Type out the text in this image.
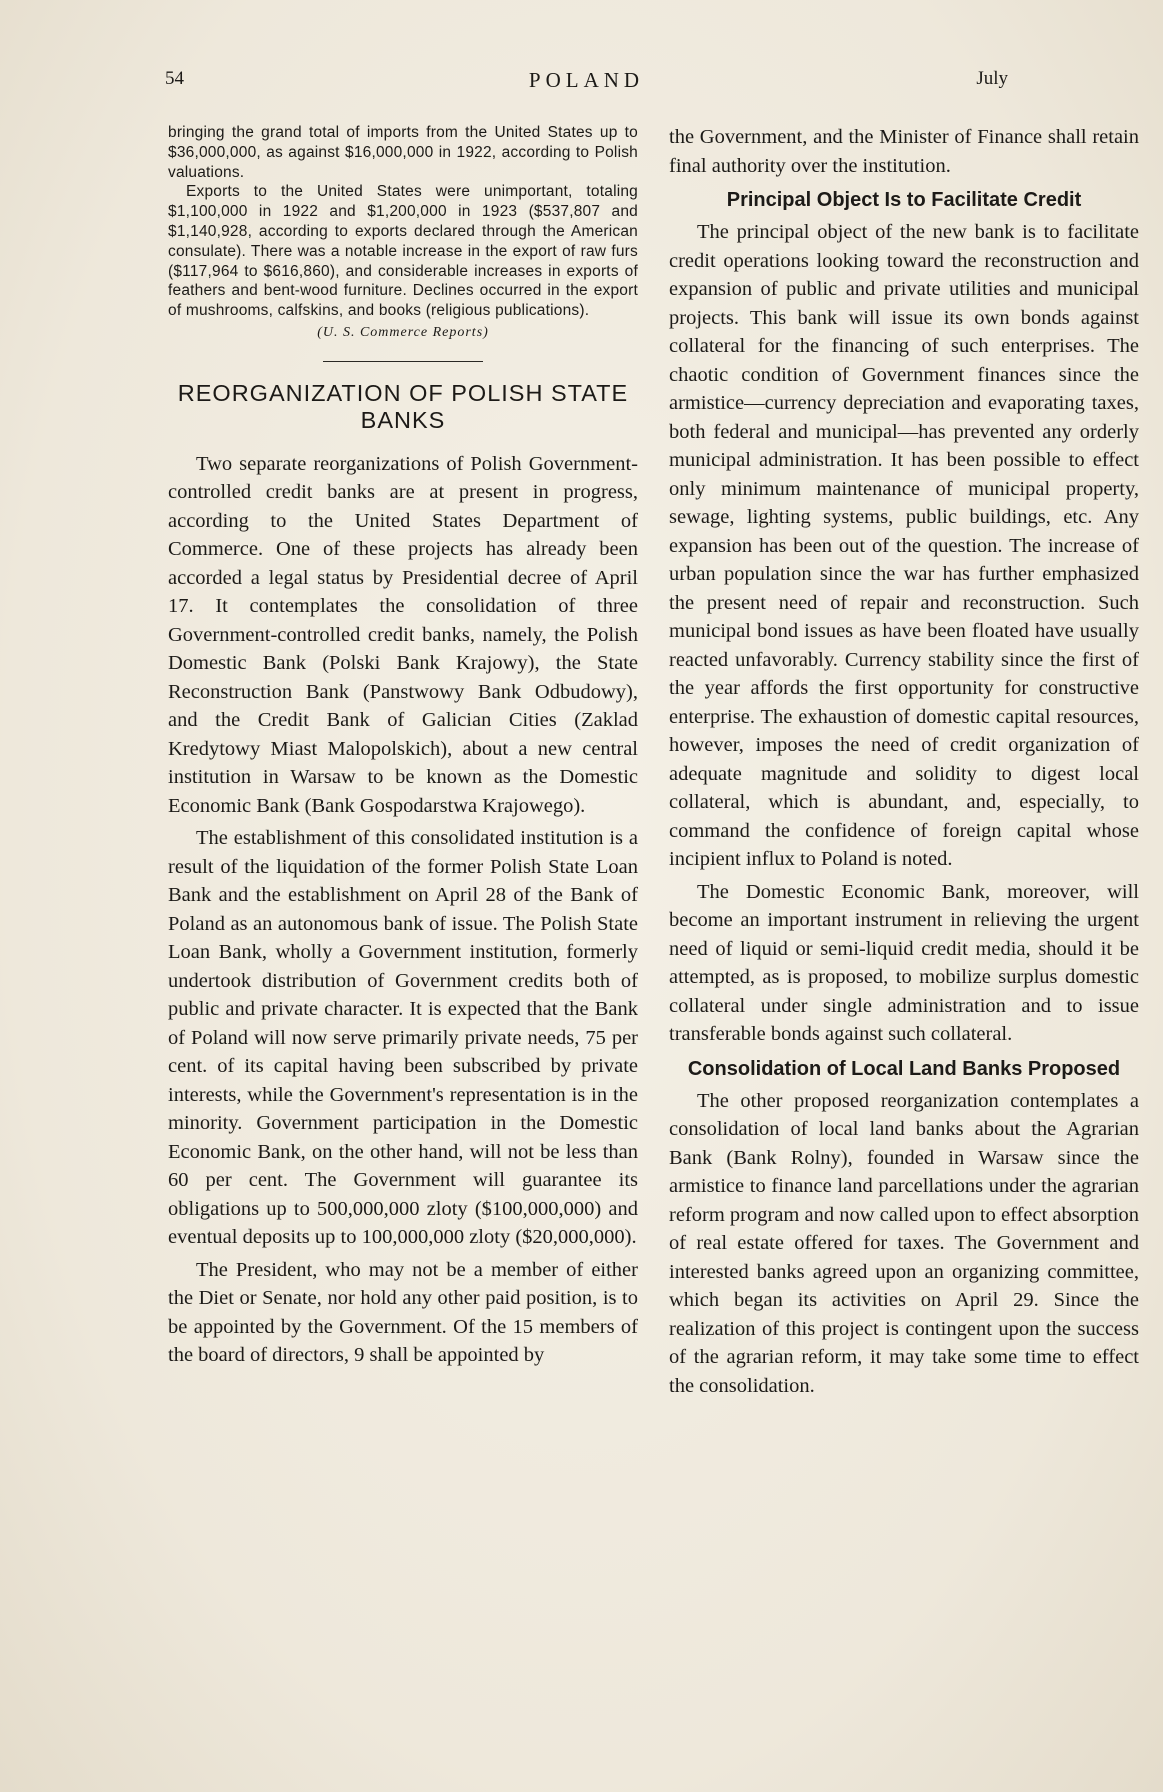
54	POLAND	July

bringing the grand total of imports from the United States up to $36,000,000, as against $16,000,000 in 1922, according to Polish valuations.

Exports to the United States were unimportant, totaling $1,100,000 in 1922 and $1,200,000 in 1923 ($537,807 and $1,140,928, according to exports declared through the American consulate). There was a notable increase in the export of raw furs ($117,964 to $616,860), and considerable increases in exports of feathers and bent-wood furniture. Declines occurred in the export of mushrooms, calfskins, and books (religious publications).

(U. S. Commerce Reports)
REORGANIZATION OF POLISH STATE BANKS

Two separate reorganizations of Polish Government-controlled credit banks are at present in progress, according to the United States Department of Commerce. One of these projects has already been accorded a legal status by Presidential decree of April 17. It contemplates the consolidation of three Government-controlled credit banks, namely, the Polish Domestic Bank (Polski Bank Krajowy), the State Reconstruction Bank (Panstwowy Bank Odbudowy), and the Credit Bank of Galician Cities (Zaklad Kredytowy Miast Malopolskich), about a new central institution in Warsaw to be known as the Domestic Economic Bank (Bank Gospodarstwa Krajowego).

The establishment of this consolidated institution is a result of the liquidation of the former Polish State Loan Bank and the establishment on April 28 of the Bank of Poland as an autonomous bank of issue. The Polish State Loan Bank, wholly a Government institution, formerly undertook distribution of Government credits both of public and private character. It is expected that the Bank of Poland will now serve primarily private needs, 75 per cent. of its capital having been subscribed by private interests, while the Government's representation is in the minority. Government participation in the Domestic Economic Bank, on the other hand, will not be less than 60 per cent. The Government will guarantee its obligations up to 500,000,000 zloty ($100,000,000) and eventual deposits up to 100,000,000 zloty ($20,000,000).

The President, who may not be a member of either the Diet or Senate, nor hold any other paid position, is to be appointed by the Government. Of the 15 members of the board of directors, 9 shall be appointed by

the Government, and the Minister of Finance shall retain final authority over the institution.

Principal Object Is to Facilitate Credit

The principal object of the new bank is to facilitate credit operations looking toward the reconstruction and expansion of public and private utilities and municipal projects. This bank will issue its own bonds against collateral for the financing of such enterprises. The chaotic condition of Government finances since the armistice—currency depreciation and evaporating taxes, both federal and municipal—has prevented any orderly municipal administration. It has been possible to effect only minimum maintenance of municipal property, sewage, lighting systems, public buildings, etc. Any expansion has been out of the question. The increase of urban population since the war has further emphasized the present need of repair and reconstruction. Such municipal bond issues as have been floated have usually reacted unfavorably. Currency stability since the first of the year affords the first opportunity for constructive enterprise. The exhaustion of domestic capital resources, however, imposes the need of credit organization of adequate magnitude and solidity to digest local collateral, which is abundant, and, especially, to command the confidence of foreign capital whose incipient influx to Poland is noted.

The Domestic Economic Bank, moreover, will become an important instrument in relieving the urgent need of liquid or semi-liquid credit media, should it be attempted, as is proposed, to mobilize surplus domestic collateral under single administration and to issue transferable bonds against such collateral.

Consolidation of Local Land Banks Proposed

The other proposed reorganization contemplates a consolidation of local land banks about the Agrarian Bank (Bank Rolny), founded in Warsaw since the armistice to finance land parcellations under the agrarian reform program and now called upon to effect absorption of real estate offered for taxes. The Government and interested banks agreed upon an organizing committee, which began its activities on April 29. Since the realization of this project is contingent upon the success of the agrarian reform, it may take some time to effect the consolidation.
